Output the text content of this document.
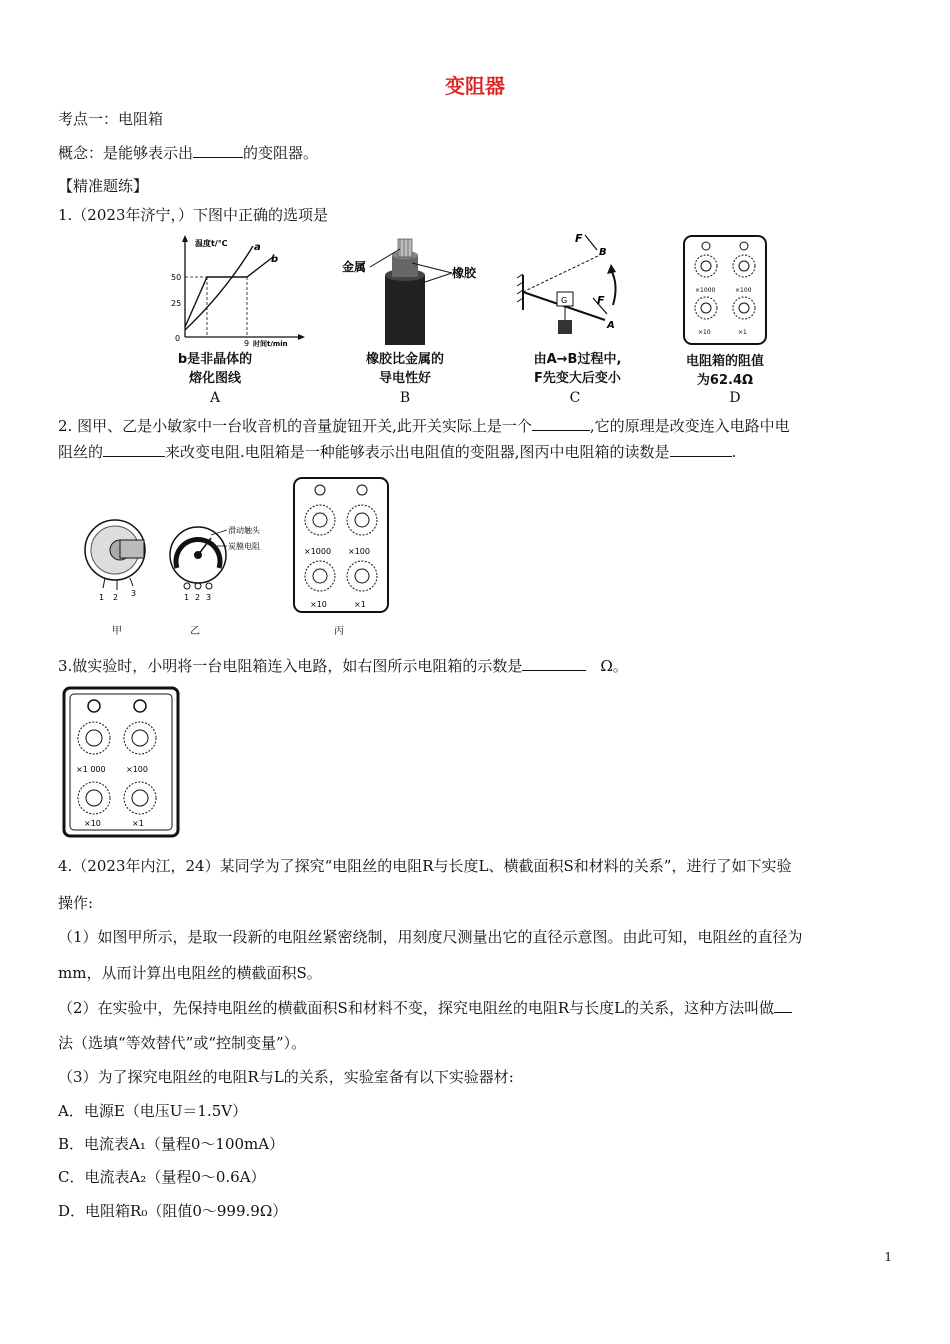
变阻器
考点一：电阻箱
概念：是能够表示出	的变阻器。
【精准题练】
1.（2023年济宁，）下图中正确的选项是
温度t/℃
时间t/min
50
25
0
9
a
b
b是非晶体的
熔化图线
A
金属	橡胶
橡胶比金属的
导电性好
B
G
F
B
F
A
由A→B过程中,
F先变大后变小
C
×1000	×100
×10	×1
电阻箱的阻值
为62.4Ω
D
2. 图甲、乙是小敏家中一台收音机的音量旋钮开关,此开关实际上是一个	,它的原理是改变连入电路中电
阻丝的	来改变电阻.电阻箱是一种能够表示出电阻值的变阻器,图丙中电阻箱的读数是	.
1 2 3
滑动触头
炭膜电阻
1 2 3
×1000 ×100
×10	×1
甲	乙	丙
3.做实验时，小明将一台电阻箱连入电路，如右图所示电阻箱的示数是	Ω。
×1 000	×100
×10	×1
4.（2023年内江，24）某同学为了探究“电阻丝的电阻R与长度L、横截面积S和材料的关系”，进行了如下实验
操作:
（1）如图甲所示，是取一段新的电阻丝紧密绕制，用刻度尺测量出它的直径示意图。由此可知，电阻丝的直径为
mm，从而计算出电阻丝的横截面积S。
（2）在实验中，先保持电阻丝的横截面积S和材料不变，探究电阻丝的电阻R与长度L的关系，这种方法叫做
法（选填“等效替代”或“控制变量”）。
（3）为了探究电阻丝的电阻R与L的关系，实验室备有以下实验器材:
A．电源E（电压U＝1.5V）
B．电流表A₁（量程0～100mA）
C．电流表A₂（量程0～0.6A）
D．电阻箱R₀（阻值0～999.9Ω）
1
